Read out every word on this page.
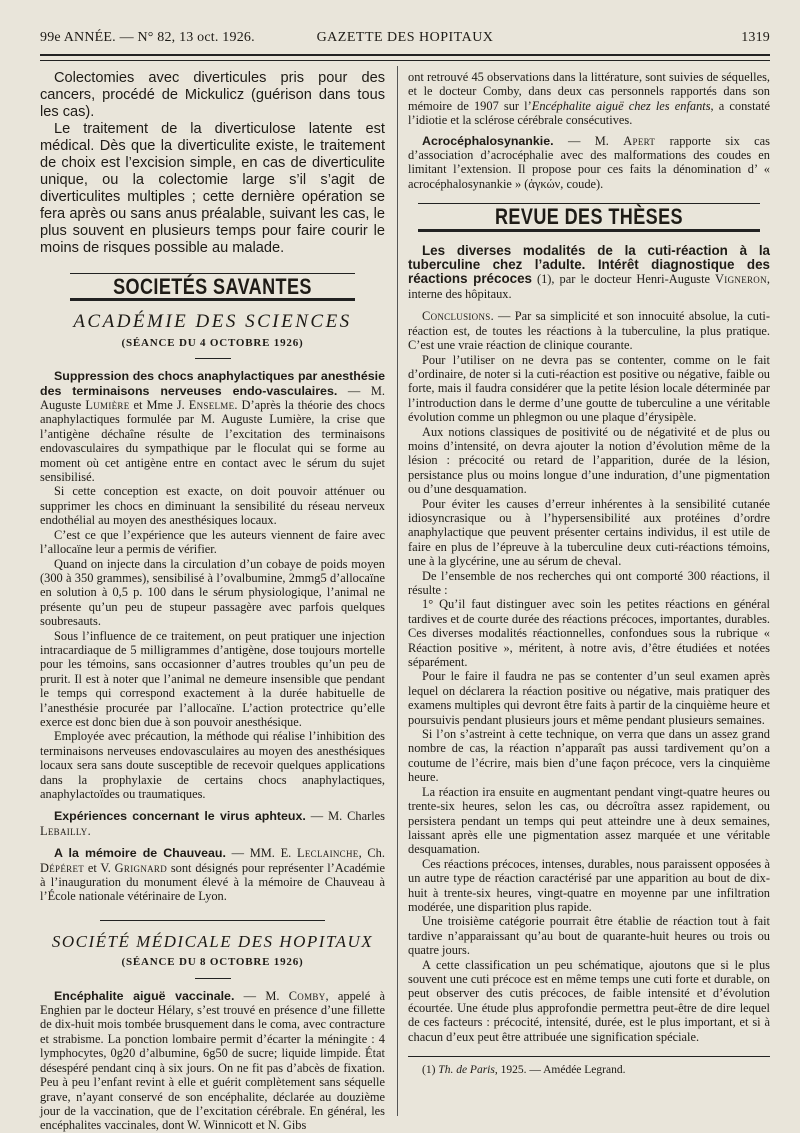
99e ANNÉE. — N° 82, 13 oct. 1926.	GAZETTE DES HOPITAUX	1319

Colectomies avec diverticules pris pour des cancers, procédé de Mickulicz (guérison dans tous les cas).

Le traitement de la diverticulose latente est médical. Dès que la diverticulite existe, le traitement de choix est l’excision simple, en cas de diverticulite unique, ou la colectomie large s’il s’agit de diverticulites multiples ; cette dernière opération se fera après ou sans anus préalable, suivant les cas, le plus souvent en plusieurs temps pour faire courir le moins de risques possible au malade.

SOCIETÉS SAVANTES
ACADÉMIE DES SCIENCES
(SÉANCE DU 4 OCTOBRE 1926)

Suppression des chocs anaphylactiques par anesthésie des terminaisons nerveuses endo-vasculaires. — M. Auguste Lumière et Mme J. Enselme. D’après la théorie des chocs anaphylactiques formulée par M. Auguste Lumière, la crise que l’antigène déchaîne résulte de l’excitation des terminaisons endovasculaires du sympathique par le floculat qui se forme au moment où cet antigène entre en contact avec le sérum du sujet sensibilisé.

Si cette conception est exacte, on doit pouvoir atténuer ou supprimer les chocs en diminuant la sensibilité du réseau nerveux endothélial au moyen des anesthésiques locaux.

C’est ce que l’expérience que les auteurs viennent de faire avec l’allocaïne leur a permis de vérifier.

Quand on injecte dans la circulation d’un cobaye de poids moyen (300 à 350 grammes), sensibilisé à l’ovalbumine, 2mmg5 d’allocaïne en solution à 0,5 p. 100 dans le sérum physiologique, l’animal ne présente qu’un peu de stupeur passagère avec parfois quelques soubresauts.

Sous l’influence de ce traitement, on peut pratiquer une injection intracardiaque de 5 milligrammes d’antigène, dose toujours mortelle pour les témoins, sans occasionner d’autres troubles qu’un peu de prurit. Il est à noter que l’animal ne demeure insensible que pendant le temps qui correspond exactement à la durée habituelle de l’anesthésie procurée par l’allocaïne. L’action protectrice qu’elle exerce est donc bien due à son pouvoir anesthésique.

Employée avec précaution, la méthode qui réalise l’inhibition des terminaisons nerveuses endovasculaires au moyen des anesthésiques locaux sera sans doute susceptible de recevoir quelques applications dans la prophylaxie de certains chocs anaphylactiques, anaphylactoïdes ou traumatiques.

Expériences concernant le virus aphteux. — M. Charles Lebailly.

A la mémoire de Chauveau. — MM. E. Leclainche, Ch. Dépéret et V. Grignard sont désignés pour représenter l’Académie à l’inauguration du monument élevé à la mémoire de Chauveau à l’École nationale vétérinaire de Lyon.

SOCIÉTÉ MÉDICALE DES HOPITAUX
(SÉANCE DU 8 OCTOBRE 1926)

Encéphalite aiguë vaccinale. — M. Comby, appelé à Enghien par le docteur Hélary, s’est trouvé en présence d’une fillette de dix-huit mois tombée brusquement dans le coma, avec contracture et strabisme. La ponction lombaire permit d’écarter la méningite : 4 lymphocytes, 0g20 d’albumine, 6g50 de sucre; liquide limpide. État désespéré pendant cinq à six jours. On ne fit pas d’abcès de fixation. Peu à peu l’enfant revint à elle et guérit complètement sans séquelle grave, n’ayant conservé de son encéphalite, déclarée au douzième jour de la vaccination, que de l’excitation cérébrale. En général, les encéphalites vaccinales, dont W. Winnicott et N. Gibs

ont retrouvé 45 observations dans la littérature, sont suivies de séquelles, et le docteur Comby, dans deux cas personnels rapportés dans son mémoire de 1907 sur l’Encéphalite aiguë chez les enfants, a constaté l’idiotie et la sclérose cérébrale consécutives.

Acrocéphalosynankie. — M. Apert rapporte six cas d’association d’acrocéphalie avec des malformations des coudes en limitant l’extension. Il propose pour ces faits la dénomination d’ « acrocéphalosynankie » (ἀγκών, coude).

REVUE DES THÈSES

Les diverses modalités de la cuti-réaction à la tuberculine chez l’adulte. Intérêt diagnostique des réactions précoces (1), par le docteur Henri-Auguste Vigneron, interne des hôpitaux.

Conclusions. — Par sa simplicité et son innocuité absolue, la cuti-réaction est, de toutes les réactions à la tuberculine, la plus pratique. C’est une vraie réaction de clinique courante.

Pour l’utiliser on ne devra pas se contenter, comme on le fait d’ordinaire, de noter si la cuti-réaction est positive ou négative, faible ou forte, mais il faudra considérer que la petite lésion locale déterminée par l’introduction dans le derme d’une goutte de tuberculine a une véritable évolution comme un phlegmon ou une plaque d’érysipèle.

Aux notions classiques de positivité ou de négativité et de plus ou moins d’intensité, on devra ajouter la notion d’évolution même de la lésion : précocité ou retard de l’apparition, durée de la lésion, persistance plus ou moins longue d’une induration, d’une pigmentation ou d’une desquamation.

Pour éviter les causes d’erreur inhérentes à la sensibilité cutanée idiosyncrasique ou à l’hypersensibilité aux protéines d’ordre anaphylactique que peuvent présenter certains individus, il est utile de faire en plus de l’épreuve à la tuberculine deux cuti-réactions témoins, une à la glycérine, une au sérum de cheval.

De l’ensemble de nos recherches qui ont comporté 300 réactions, il résulte :

1° Qu’il faut distinguer avec soin les petites réactions en général tardives et de courte durée des réactions précoces, importantes, durables. Ces diverses modalités réactionnelles, confondues sous la rubrique « Réaction positive », méritent, à notre avis, d’être étudiées et notées séparément.

Pour le faire il faudra ne pas se contenter d’un seul examen après lequel on déclarera la réaction positive ou négative, mais pratiquer des examens multiples qui devront être faits à partir de la cinquième heure et poursuivis pendant plusieurs jours et même pendant plusieurs semaines.

Si l’on s’astreint à cette technique, on verra que dans un assez grand nombre de cas, la réaction n’apparaît pas aussi tardivement qu’on a coutume de l’écrire, mais bien d’une façon précoce, vers la cinquième heure.

La réaction ira ensuite en augmentant pendant vingt-quatre heures ou trente-six heures, selon les cas, ou décroîtra assez rapidement, ou persistera pendant un temps qui peut atteindre une à deux semaines, laissant après elle une pigmentation assez marquée et une véritable desquamation.

Ces réactions précoces, intenses, durables, nous paraissent opposées à un autre type de réaction caractérisé par une apparition au bout de dix-huit à trente-six heures, vingt-quatre en moyenne par une infiltration modérée, une disparition plus rapide.

Une troisième catégorie pourrait être établie de réaction tout à fait tardive n’apparaissant qu’au bout de quarante-huit heures ou trois ou quatre jours.

A cette classification un peu schématique, ajoutons que si le plus souvent une cuti précoce est en même temps une cuti forte et durable, on peut observer des cutis précoces, de faible intensité et d’évolution écourtée. Une étude plus approfondie permettra peut-être de dire lequel de ces facteurs : précocité, intensité, durée, est le plus important, et si à chacun d’eux peut être attribuée une signification spéciale.

(1) Th. de Paris, 1925. — Amédée Legrand.
